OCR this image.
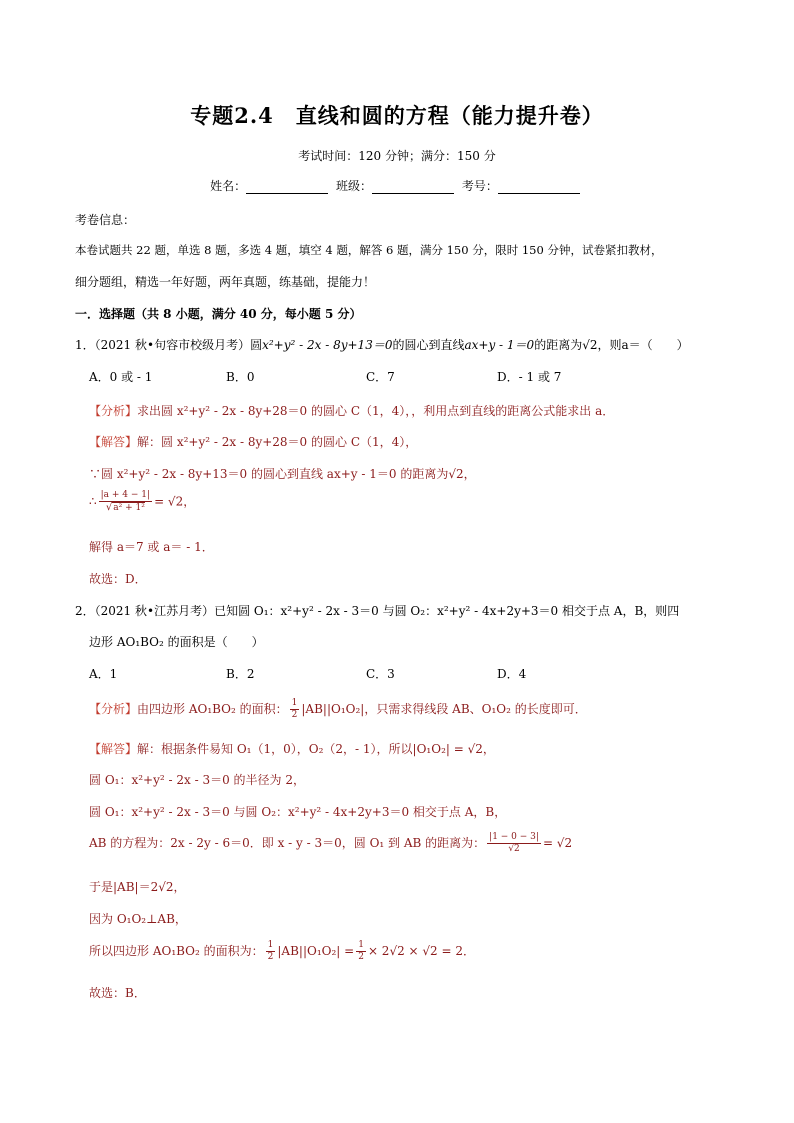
专题2.4　直线和圆的方程（能力提升卷）
考试时间：120 分钟；满分：150 分
姓名：	班级：	考号：
考卷信息：
本卷试题共 22 题，单选 8 题，多选 4 题，填空 4 题，解答 6 题，满分 150 分，限时 150 分钟，试卷紧扣教材，
细分题组，精选一年好题，两年真题，练基础，提能力！
一．选择题（共 8 小题，满分 40 分，每小题 5 分）
1．（2021 秋•句容市校级月考）圆x²+y² - 2x - 8y+13＝0的圆心到直线ax+y - 1＝0的距离为√2，则a＝（　　）
A．0 或 - 1	B．0	C．7	D．- 1 或 7
【分析】求出圆 x²+y² - 2x - 8y+28＝0 的圆心 C（1，4），，利用点到直线的距离公式能求出 a．
【解答】解：圆 x²+y² - 2x - 8y+28＝0 的圆心 C（1，4），
∵圆 x²+y² - 2x - 8y+13＝0 的圆心到直线 ax+y - 1＝0 的距离为√2，
∴ $\frac{|a + 4 - 1|}{\text{√a² + 1²}} = √2$，
解得 a＝7 或 a＝ - 1．
故选：D．
2．（2021 秋•江苏月考）已知圆 O₁：x²+y² - 2x - 3＝0 与圆 O₂：x²+y² - 4x+2y+3＝0 相交于点 A，B，则四
边形 AO₁BO₂ 的面积是（　　）
A．1	B．2	C．3	D．4
【分析】由四边形 AO₁BO₂ 的面积： $\frac{1}{2} |AB||O_1O_2|$，只需求得线段 AB、O₁O₂ 的长度即可．
【解答】解：根据条件易知 O₁（1，0），O₂（2，- 1），所以|O₁O₂| = √2，
圆 O₁：x²+y² - 2x - 3＝0 的半径为 2，
圆 O₁：x²+y² - 2x - 3＝0 与圆 O₂：x²+y² - 4x+2y+3＝0 相交于点 A，B，
AB 的方程为：2x - 2y - 6＝0．即 x - y - 3＝0，圆 O₁ 到 AB 的距离为： $\frac{|1 - 0 - 3|}{√2} = √2$
于是|AB|＝2√2，
因为 O₁O₂⊥AB，
所以四边形 AO₁BO₂ 的面积为： $\frac{1}{2} |AB||O_1O_2| = \frac{1}{2} \times 2√2 \times √2 = 2$．
故选：B．
